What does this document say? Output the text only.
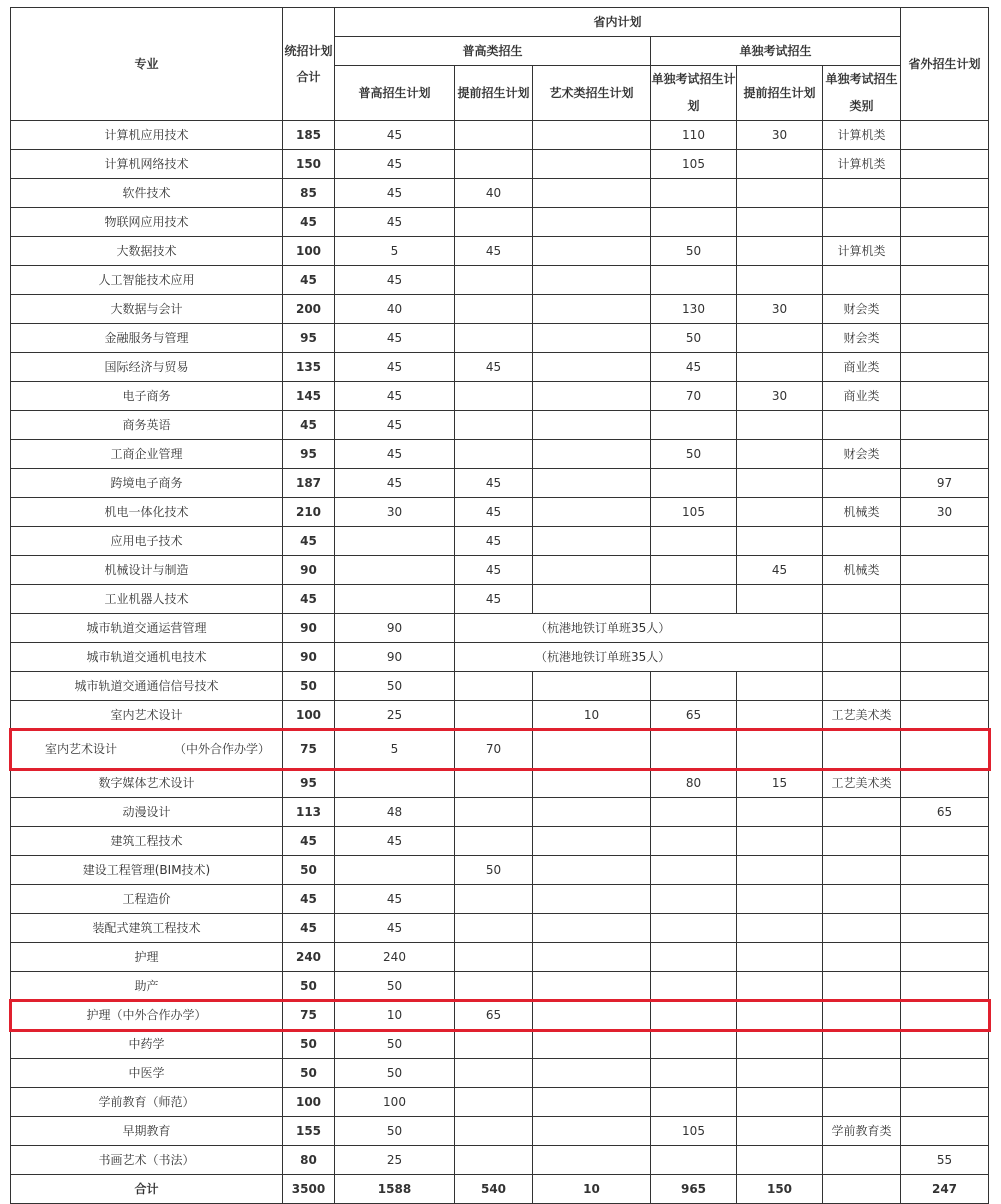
专业	统招计划合计	省内计划						省外招生计划
		普高类招生			单独考试招生			
		普高招生计划	提前招生计划	艺术类招生计划	单独考试招生计划	提前招生计划	单独考试招生类别	
计算机应用技术	185	45			110	30	计算机类	
计算机网络技术	150	45			105		计算机类	
软件技术	85	45	40					
物联网应用技术	45	45						
大数据技术	100	5	45		50		计算机类	
人工智能技术应用	45	45						
大数据与会计	200	40			130	30	财会类	
金融服务与管理	95	45			50		财会类	
国际经济与贸易	135	45	45		45		商业类	
电子商务	145	45			70	30	商业类	
商务英语	45	45						
工商企业管理	95	45			50		财会类	
跨境电子商务	187	45	45					97
机电一体化技术	210	30	45		105		机械类	30
应用电子技术	45		45					
机械设计与制造	90		45			45	机械类	
工业机器人技术	45		45					
城市轨道交通运营管理	90	90	（杭港地铁订单班35人）					
城市轨道交通机电技术	90	90	（杭港地铁订单班35人）					
城市轨道交通通信信号技术	50	50						
室内艺术设计	100	25		10	65		工艺美术类	

室内艺术设计 （中外合作办学）	75	5	70					
数字媒体艺术设计	95				80	15	工艺美术类	
动漫设计	113	48						65
建筑工程技术	45	45						
建设工程管理(BIM技术)	50		50					
工程造价	45	45						
装配式建筑工程技术	45	45						
护理	240	240						
助产	50	50						
护理（中外合作办学）	75	10	65					
中药学	50	50						
中医学	50	50						
学前教育（师范）	100	100						
早期教育	155	50			105		学前教育类	
书画艺术（书法）	80	25						55
合计	3500	1588	540	10	965	150		247
